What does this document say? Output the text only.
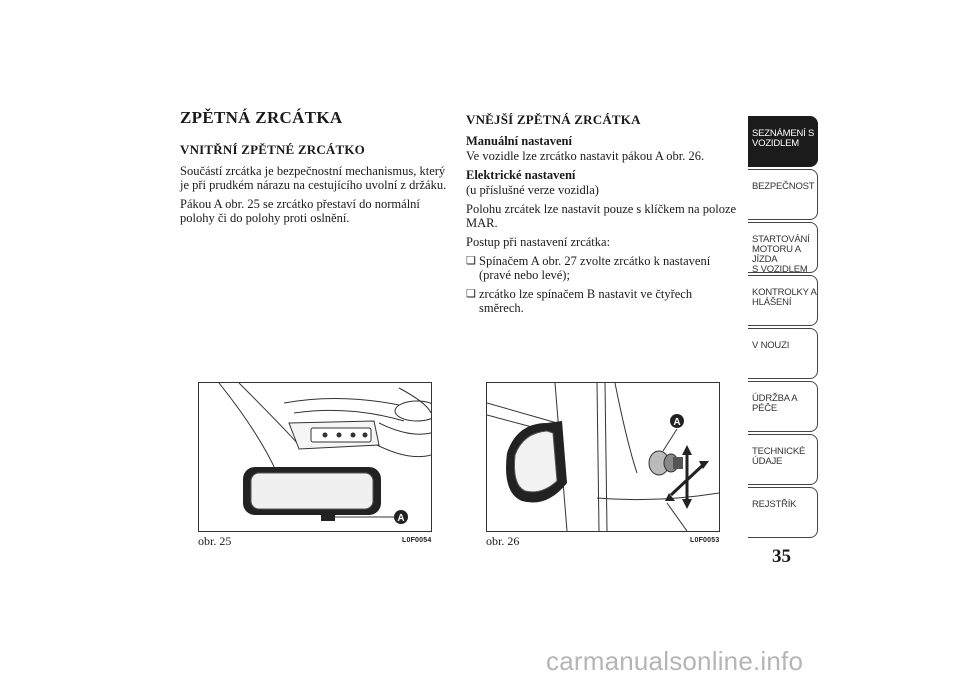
ZPĚTNÁ ZRCÁTKA
VNITŘNÍ ZPĚTNÉ ZRCÁTKO

Součástí zrcátka je bezpečnostní mechanismus, který je při prudkém nárazu na cestujícího uvolní z držáku.

Pákou A obr. 25 se zrcátko přestaví do normální polohy či do polohy proti oslnění.

VNĚJŠÍ ZPĚTNÁ ZRCÁTKA
Manuální nastavení

Ve vozidle lze zrcátko nastavit pákou A obr. 26.

Elektrické nastavení

(u příslušné verze vozidla)

Polohu zrcátek lze nastavit pouze s klíčkem na poloze MAR.

Postup při nastavení zrcátka:

❏ Spínačem A obr. 27 zvolte zrcátko k nastavení (pravé nebo levé);
❏ zrcátko lze spínačem B nastavit ve čtyřech směrech.
A
obr. 25	L0F0054
A
obr. 26	L0F0053
SEZNÁMENÍ S
VOZIDLEM
BEZPEČNOST
STARTOVÁNÍ
MOTORU A JÍZDA
S VOZIDLEM
KONTROLKY A
HLÁŠENÍ
V NOUZI
ÚDRŽBA A PÉČE
TECHNICKÉ
ÚDAJE
REJSTŘÍK
35
carmanualsonline.info
